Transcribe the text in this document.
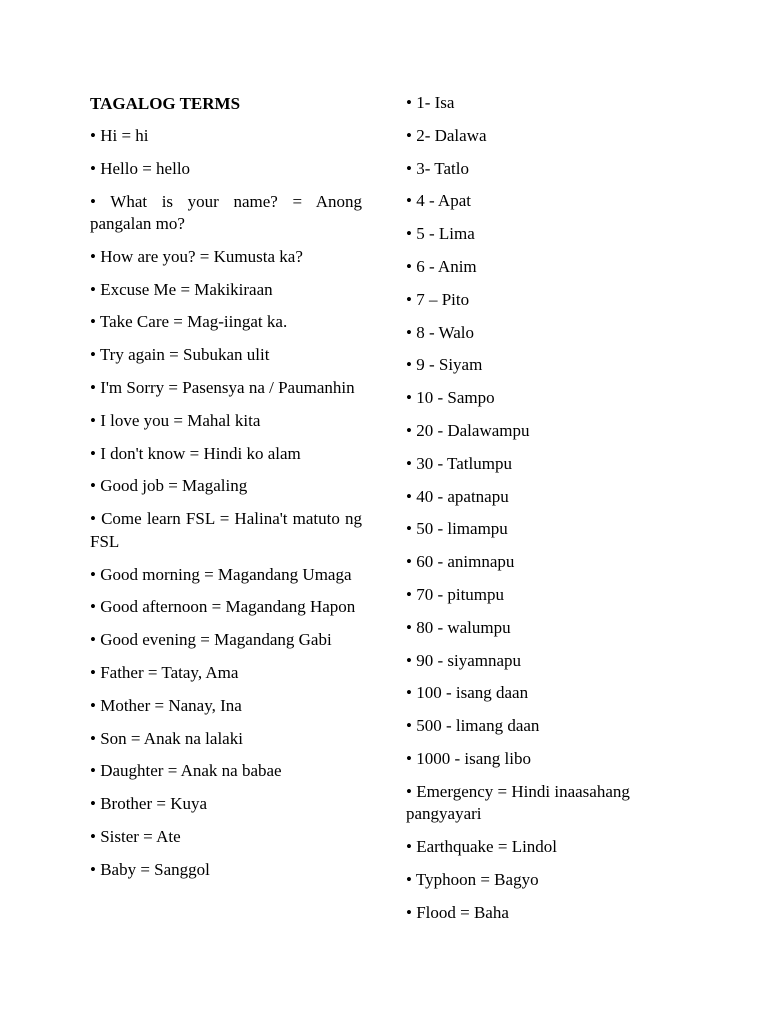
TAGALOG TERMS
• Hi = hi
• Hello = hello
• What is your name? = Anong pangalan mo?
• How are you? = Kumusta ka?
• Excuse Me = Makikiraan
• Take Care = Mag-iingat ka.
• Try again = Subukan ulit
• I'm Sorry = Pasensya na / Paumanhin
• I love you = Mahal kita
• I don't know = Hindi ko alam
• Good job = Magaling
• Come learn FSL = Halina't matuto ng FSL
• Good morning = Magandang Umaga
• Good afternoon = Magandang Hapon
• Good evening = Magandang Gabi
• Father = Tatay, Ama
• Mother = Nanay, Ina
• Son = Anak na lalaki
• Daughter = Anak na babae
• Brother = Kuya
• Sister = Ate
• Baby = Sanggol
• 1- Isa
• 2- Dalawa
• 3- Tatlo
• 4 - Apat
• 5 - Lima
• 6 - Anim
• 7 – Pito
• 8 - Walo
• 9 - Siyam
• 10 - Sampo
• 20 - Dalawampu
• 30 - Tatlumpu
• 40 - apatnapu
• 50 - limampu
• 60 - animnapu
• 70 - pitumpu
• 80 - walumpu
• 90 - siyamnapu
• 100 - isang daan
• 500 - limang daan
• 1000 - isang libo
• Emergency = Hindi inaasahang pangyayari
• Earthquake = Lindol
• Typhoon = Bagyo
• Flood = Baha
